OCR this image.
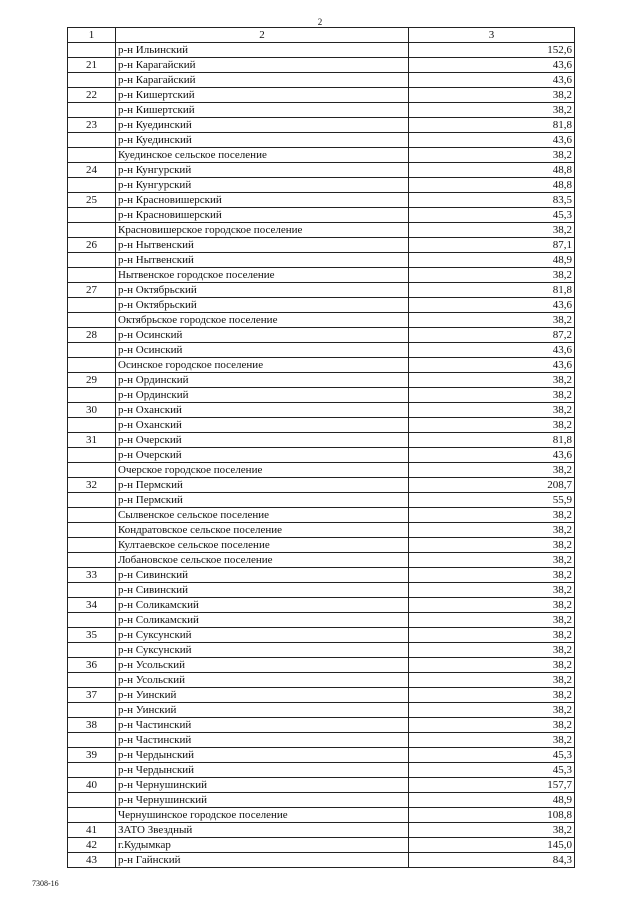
2
1	2	3
	р-н Ильинский	152,6
21	р-н Карагайский	43,6
	р-н Карагайский	43,6
22	р-н Кишертский	38,2
	р-н Кишертский	38,2
23	р-н Куединский	81,8
	р-н Куединский	43,6
	Куединское сельское поселение	38,2
24	р-н Кунгурский	48,8
	р-н Кунгурский	48,8
25	р-н Красновишерский	83,5
	р-н Красновишерский	45,3
	Красновишерское городское поселение	38,2
26	р-н Нытвенский	87,1
	р-н Нытвенский	48,9
	Нытвенское городское поселение	38,2
27	р-н Октябрьский	81,8
	р-н Октябрьский	43,6
	Октябрьское городское поселение	38,2
28	р-н Осинский	87,2
	р-н Осинский	43,6
	Осинское городское поселение	43,6
29	р-н Ординский	38,2
	р-н Ординский	38,2
30	р-н Оханский	38,2
	р-н Оханский	38,2
31	р-н Очерский	81,8
	р-н Очерский	43,6
	Очерское городское поселение	38,2
32	р-н Пермский	208,7
	р-н Пермский	55,9
	Сылвенское сельское поселение	38,2
	Кондратовское сельское поселение	38,2
	Култаевское сельское поселение	38,2
	Лобановское сельское поселение	38,2
33	р-н Сивинский	38,2
	р-н Сивинский	38,2
34	р-н Соликамский	38,2
	р-н Соликамский	38,2
35	р-н Суксунский	38,2
	р-н Суксунский	38,2
36	р-н Усольский	38,2
	р-н Усольский	38,2
37	р-н Уинский	38,2
	р-н Уинский	38,2
38	р-н Частинский	38,2
	р-н Частинский	38,2
39	р-н Чердынский	45,3
	р-н Чердынский	45,3
40	р-н Чернушинский	157,7
	р-н Чернушинский	48,9
	Чернушинское городское поселение	108,8
41	ЗАТО Звездный	38,2
42	г.Кудымкар	145,0
43	р-н Гайнский	84,3
7308-16
